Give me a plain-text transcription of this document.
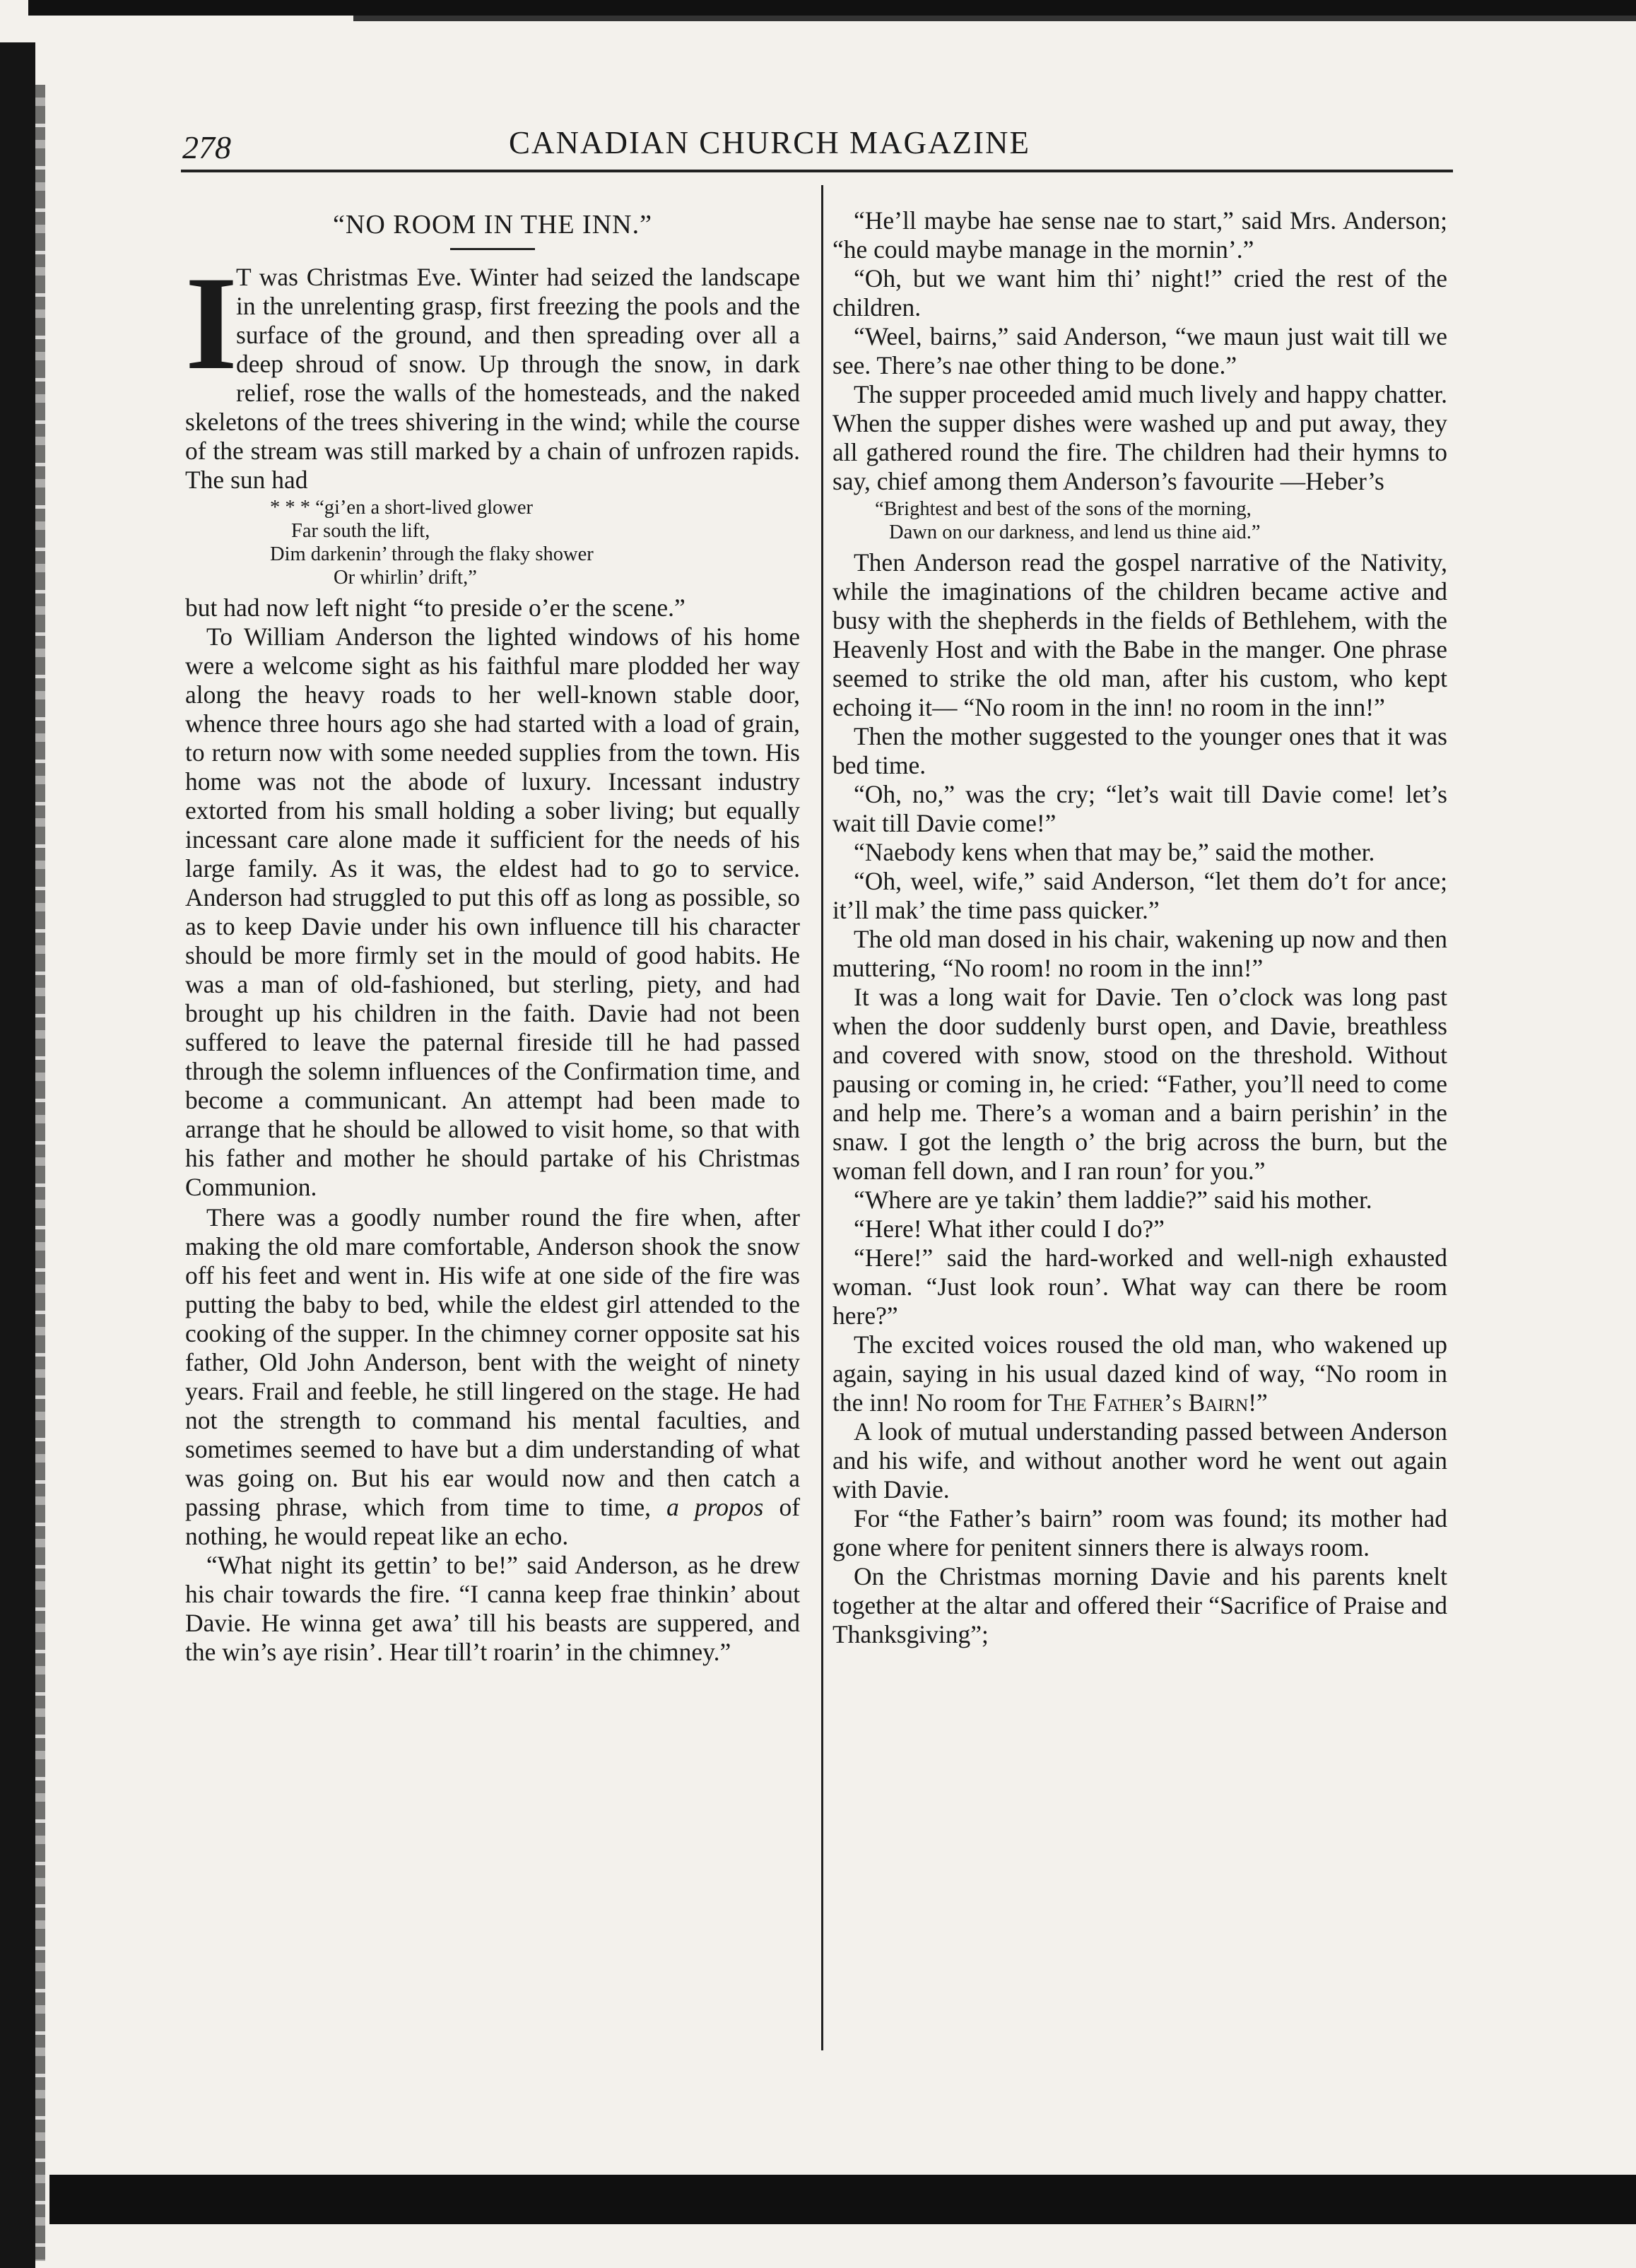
278	CANADIAN CHURCH MAGAZINE
“NO ROOM IN THE INN.”

I
T was Christmas Eve. Winter had seized the landscape in the unrelenting grasp, first freezing the pools and the surface of the ground, and then spreading over all a deep shroud of snow. Up through the snow, in dark relief, rose the walls of the homesteads, and the naked skeletons of the trees shivering in the wind; while the course of the stream was still marked by a chain of unfrozen rapids. The sun had

* * * “gi’en a short-lived glower
Far south the lift,
Dim darkenin’ through the flaky shower
Or whirlin’ drift,”

but had now left night “to preside o’er the scene.”

To William Anderson the lighted windows of his home were a welcome sight as his faithful mare plodded her way along the heavy roads to her well-known stable door, whence three hours ago she had started with a load of grain, to return now with some needed supplies from the town. His home was not the abode of luxury. Incessant industry extorted from his small holding a sober living; but equally incessant care alone made it sufficient for the needs of his large family. As it was, the eldest had to go to service. Anderson had struggled to put this off as long as possible, so as to keep Davie under his own influence till his character should be more firmly set in the mould of good habits. He was a man of old-fashioned, but sterling, piety, and had brought up his children in the faith. Davie had not been suffered to leave the paternal fireside till he had passed through the solemn influences of the Confirmation time, and become a communicant. An attempt had been made to arrange that he should be allowed to visit home, so that with his father and mother he should partake of his Christmas Communion.

There was a goodly number round the fire when, after making the old mare comfortable, Anderson shook the snow off his feet and went in. His wife at one side of the fire was putting the baby to bed, while the eldest girl attended to the cooking of the supper. In the chimney corner opposite sat his father, Old John Anderson, bent with the weight of ninety years. Frail and feeble, he still lingered on the stage. He had not the strength to command his mental faculties, and sometimes seemed to have but a dim understanding of what was going on. But his ear would now and then catch a passing phrase, which from time to time, a propos of nothing, he would repeat like an echo.

“What night its gettin’ to be!” said Anderson, as he drew his chair towards the fire. “I canna keep frae thinkin’ about Davie. He winna get awa’ till his beasts are suppered, and the win’s aye risin’. Hear till’t roarin’ in the chimney.”

“He’ll maybe hae sense nae to start,” said Mrs. Anderson; “he could maybe manage in the mornin’.”

“Oh, but we want him thi’ night!” cried the rest of the children.

“Weel, bairns,” said Anderson, “we maun just wait till we see. There’s nae other thing to be done.”

The supper proceeded amid much lively and happy chatter. When the supper dishes were washed up and put away, they all gathered round the fire. The children had their hymns to say, chief among them Anderson’s favourite —Heber’s

“Brightest and best of the sons of the morning,
Dawn on our darkness, and lend us thine aid.”

Then Anderson read the gospel narrative of the Nativity, while the imaginations of the children became active and busy with the shepherds in the fields of Bethlehem, with the Heavenly Host and with the Babe in the manger. One phrase seemed to strike the old man, after his custom, who kept echoing it— “No room in the inn! no room in the inn!”

Then the mother suggested to the younger ones that it was bed time.

“Oh, no,” was the cry; “let’s wait till Davie come! let’s wait till Davie come!”

“Naebody kens when that may be,” said the mother.

“Oh, weel, wife,” said Anderson, “let them do’t for ance; it’ll mak’ the time pass quicker.”

The old man dosed in his chair, wakening up now and then muttering, “No room! no room in the inn!”

It was a long wait for Davie. Ten o’clock was long past when the door suddenly burst open, and Davie, breathless and covered with snow, stood on the threshold. Without pausing or coming in, he cried: “Father, you’ll need to come and help me. There’s a woman and a bairn perishin’ in the snaw. I got the length o’ the brig across the burn, but the woman fell down, and I ran roun’ for you.”

“Where are ye takin’ them laddie?” said his mother.

“Here! What ither could I do?”

“Here!” said the hard-worked and well-nigh exhausted woman. “Just look roun’. What way can there be room here?”

The excited voices roused the old man, who wakened up again, saying in his usual dazed kind of way, “No room in the inn! No room for The Father’s Bairn!”

A look of mutual understanding passed between Anderson and his wife, and without another word he went out again with Davie.

For “the Father’s bairn” room was found; its mother had gone where for penitent sinners there is always room.

On the Christmas morning Davie and his parents knelt together at the altar and offered their “Sacrifice of Praise and Thanksgiving”;
